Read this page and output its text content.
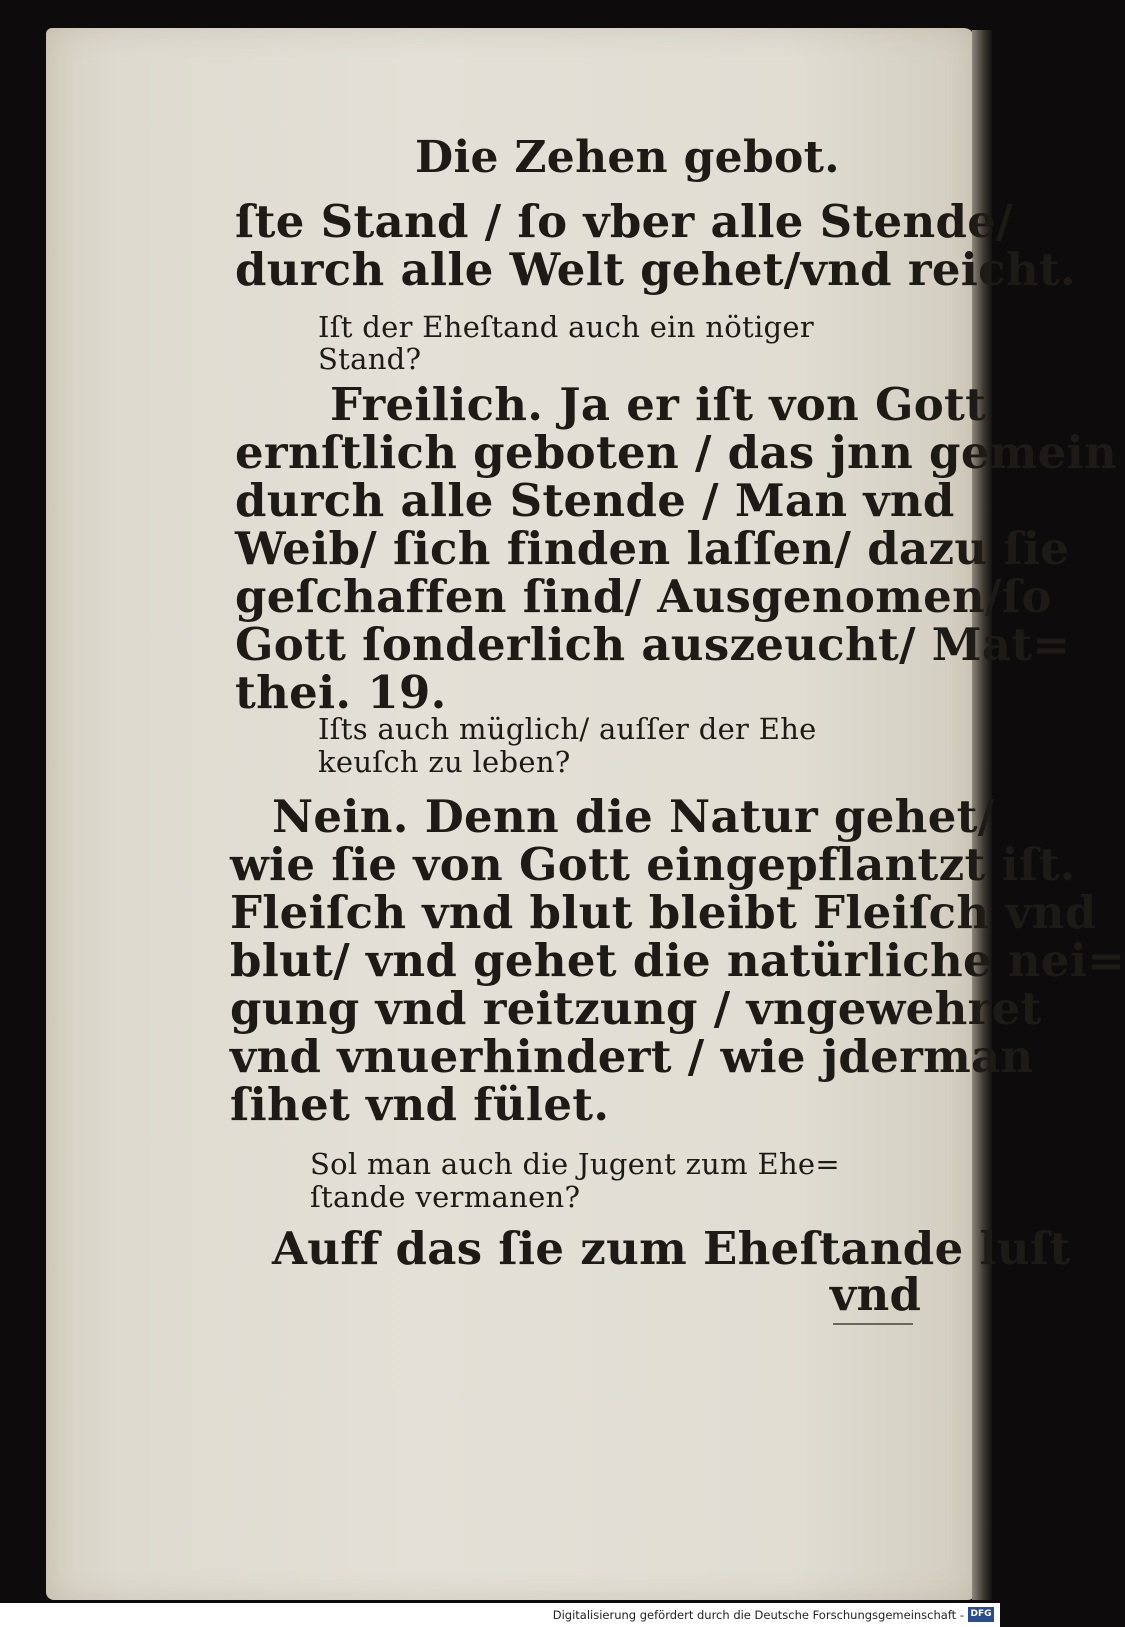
Die Zehen gebot.
ſte Stand / ſo vber alle Stende/
durch alle Welt gehet/vnd reicht.
Iſt der Eheſtand auch ein nötiger
Stand?
Freilich. Ja er iſt von Gott
ernſtlich geboten / das jnn gemein
durch alle Stende / Man vnd
Weib/ ſich finden laſſen/ dazu ſie
geſchaffen ſind/ Ausgenomen/ſo
Gott ſonderlich auszeucht/ Mat=
thei. 19.
Iſts auch müglich/ auſſer der Ehe
keuſch zu leben?
Nein. Denn die Natur gehet/
wie ſie von Gott eingepflantzt iſt.
Fleiſch vnd blut bleibt Fleiſch vnd
blut/ vnd gehet die natürliche nei=
gung vnd reitzung / vngewehret
vnd vnuerhindert / wie jderman
ſihet vnd fület.
Sol man auch die Jugent zum Ehe=
ſtande vermanen?
Auff das ſie zum Eheſtande luſt
vnd
Digitalisierung gefördert durch die Deutsche Forschungsgemeinschaft - DFG
